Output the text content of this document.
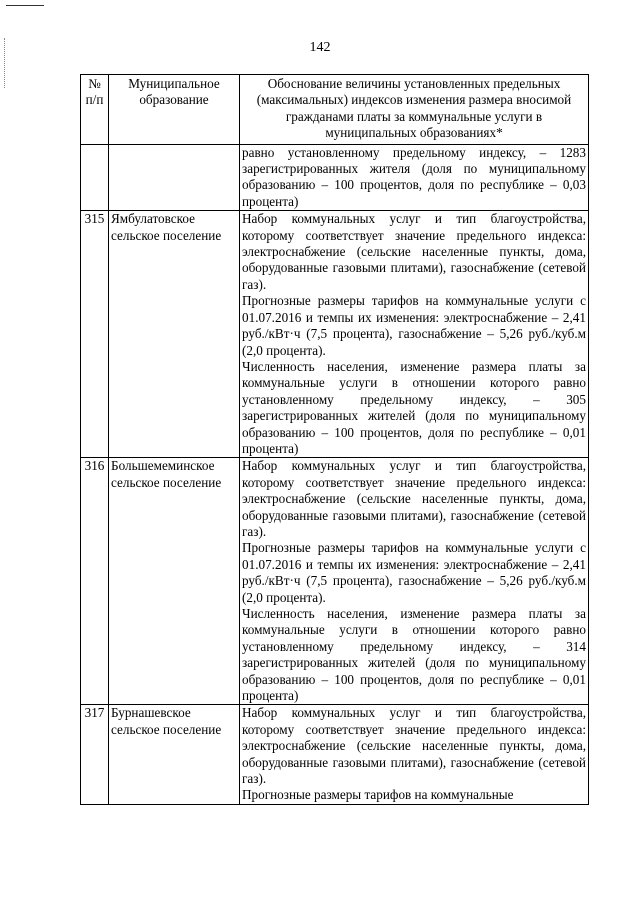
142
№ п/п	Муниципальное образование	Обоснование величины установленных предельных (максимальных) индексов изменения размера вносимой гражданами платы за коммунальные услуги в муниципальных образованиях*

		равно установленному предельному индексу, – 1283 зарегистрированных жителя (доля по муниципальному образованию – 100 процентов, доля по республике – 0,03 процента)

315	Ямбулатовское сельское поселение	Набор коммунальных услуг и тип благоустройства, которому соответствует значение предельного индекса: электроснабжение (сельские населенные пункты, дома, оборудованные газовыми плитами), газоснабжение (сетевой газ).
Прогнозные размеры тарифов на коммунальные услуги с 01.07.2016 и темпы их изменения: электроснабжение – 2,41 руб./кВт·ч (7,5 процента), газоснабжение – 5,26 руб./куб.м (2,0 процента).
Численность населения, изменение размера платы за коммунальные услуги в отношении которого равно установленному предельному индексу, – 305 зарегистрированных жителей (доля по муниципальному образованию – 100 процентов, доля по республике – 0,01 процента)

316	Большемеминское сельское поселение	Набор коммунальных услуг и тип благоустройства, которому соответствует значение предельного индекса: электроснабжение (сельские населенные пункты, дома, оборудованные газовыми плитами), газоснабжение (сетевой газ).
Прогнозные размеры тарифов на коммунальные услуги с 01.07.2016 и темпы их изменения: электроснабжение – 2,41 руб./кВт·ч (7,5 процента), газоснабжение – 5,26 руб./куб.м (2,0 процента).
Численность населения, изменение размера платы за коммунальные услуги в отношении которого равно установленному предельному индексу, – 314 зарегистрированных жителей (доля по муниципальному образованию – 100 процентов, доля по республике – 0,01 процента)

317	Бурнашевское сельское поселение	Набор коммунальных услуг и тип благоустройства, которому соответствует значение предельного индекса: электроснабжение (сельские населенные пункты, дома, оборудованные газовыми плитами), газоснабжение (сетевой газ).
Прогнозные размеры тарифов на коммунальные
